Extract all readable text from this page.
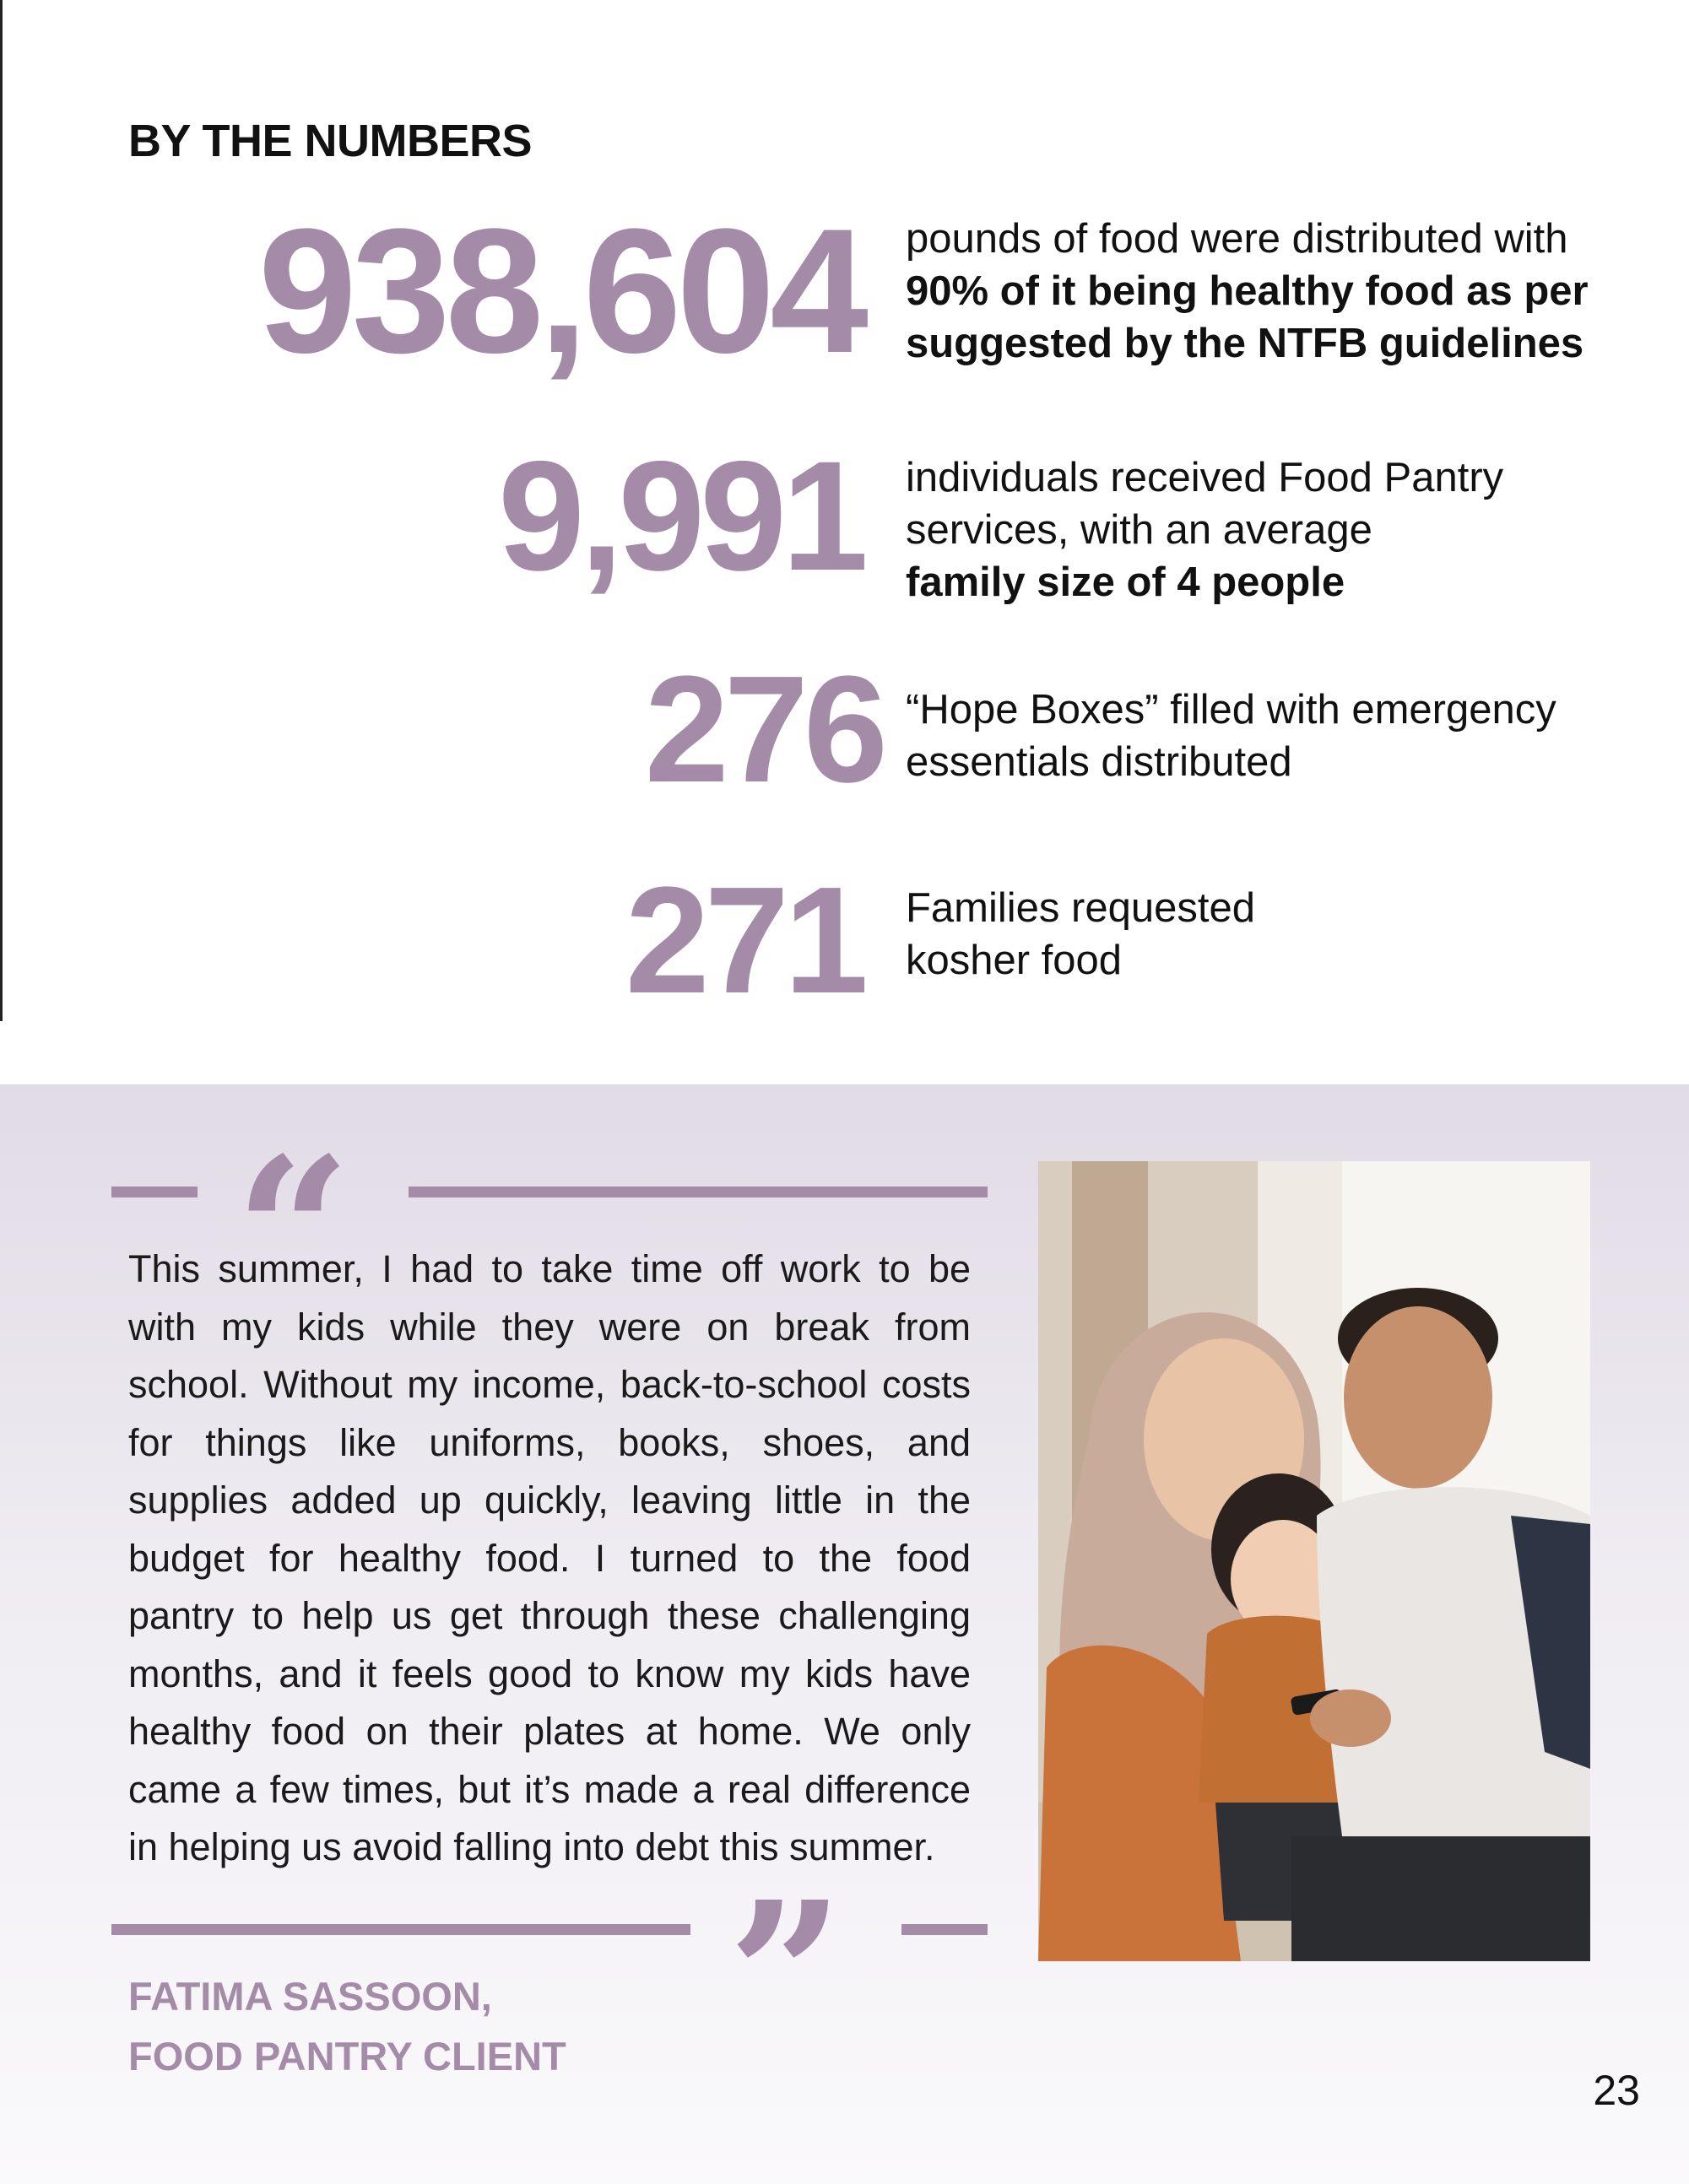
BY THE NUMBERS
938,604 pounds of food were distributed with 90% of it being healthy food as per suggested by the NTFB guidelines
9,991 individuals received Food Pantry services, with an average
family size of 4 people
276 “Hope Boxes” filled with emergency essentials distributed
271 Families requested kosher food
“
This summer, I had to take time off work to be with my kids while they were on break from school. Without my income, back-to-school costs for things like uniforms, books, shoes, and supplies added up quickly, leaving little in the budget for healthy food. I turned to the food pantry to help us get through these challenging months, and it feels good to know my kids have healthy food on their plates at home. We only came a few times, but it’s made a real difference in helping us avoid falling into debt this summer.
”
FATIMA SASSOON,
FOOD PANTRY CLIENT
23
